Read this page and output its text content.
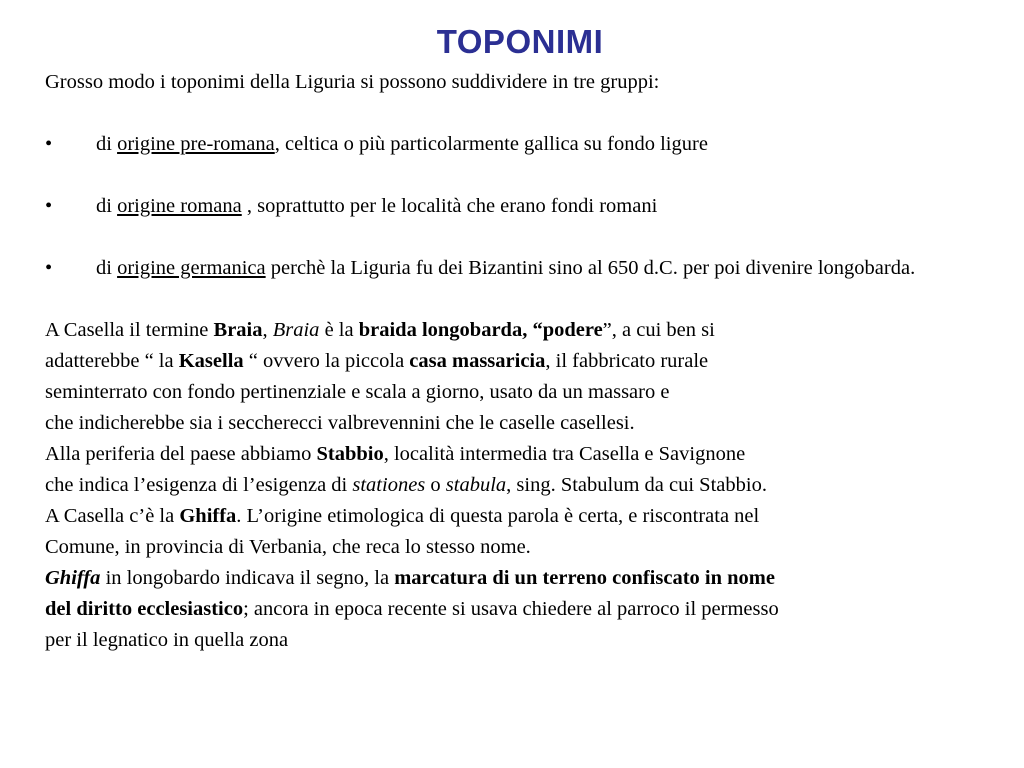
TOPONIMI

Grosso modo i toponimi della Liguria si possono suddividere in tre gruppi:

•	di origine pre-romana, celtica o più particolarmente gallica su fondo ligure
•	di origine romana , soprattutto per le località che erano fondi romani
•	di origine germanica perchè la Liguria fu dei Bizantini sino al 650 d.C. per poi divenire longobarda.

A Casella il termine Braia, Braia è la braida longobarda, “podere”, a cui ben si
adatterebbe “ la Kasella “ ovvero la piccola casa massaricia, il fabbricato rurale
seminterrato con fondo pertinenziale e scala a giorno, usato da un massaro e
che indicherebbe sia i seccherecci valbrevennini che le caselle casellesi.

Alla periferia del paese abbiamo Stabbio, località intermedia tra Casella e Savignone
che indica l’esigenza di l’esigenza di stationes o stabula, sing. Stabulum da cui Stabbio.

A Casella c’è la Ghiffa. L’origine etimologica di questa parola è certa, e riscontrata nel
Comune, in provincia di Verbania, che reca lo stesso nome.
Ghiffa in longobardo indicava il segno, la marcatura di un terreno confiscato in nome
del diritto ecclesiastico; ancora in epoca recente si usava chiedere al parroco il permesso
per il legnatico in quella zona
